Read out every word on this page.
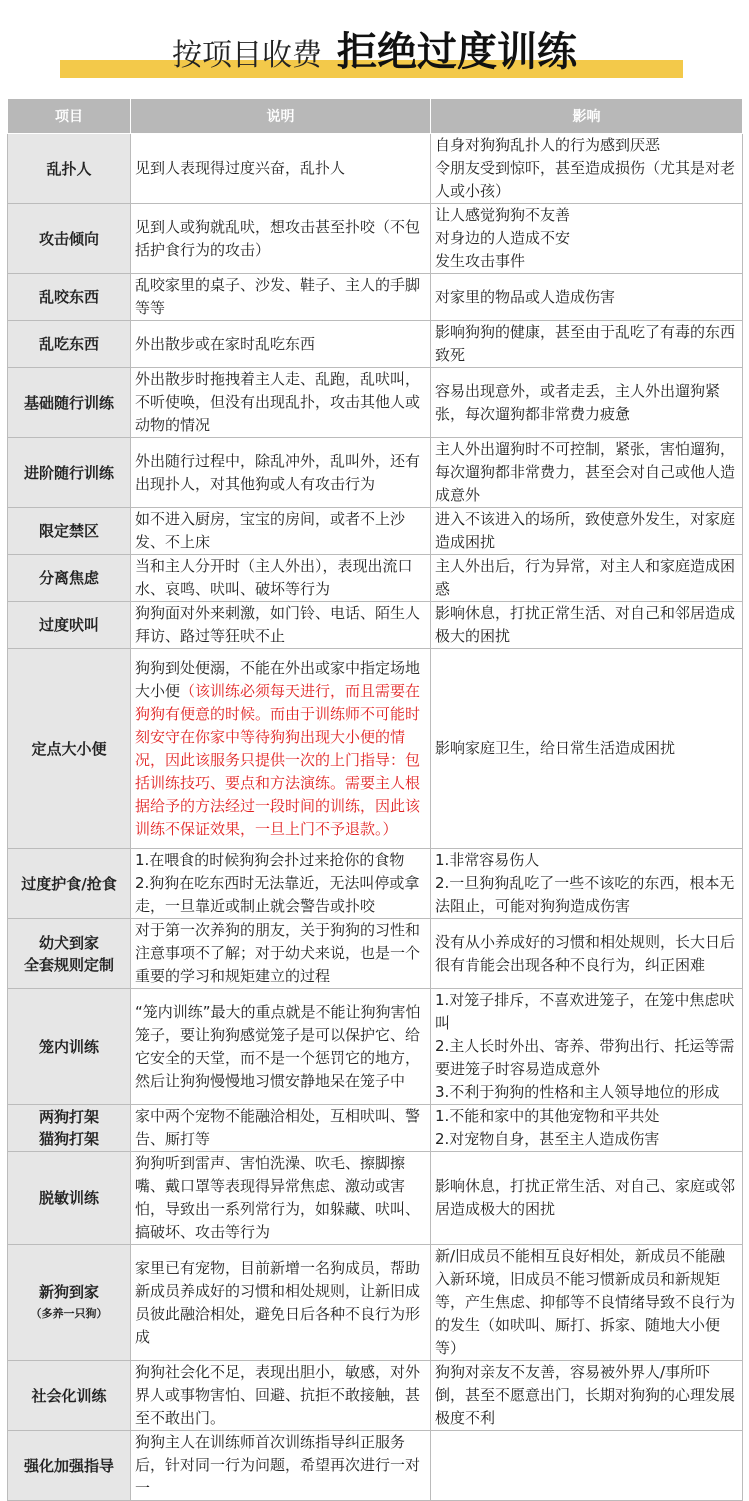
按项目收费 拒绝过度训练
项目	说明	影响

乱扑人	见到人表现得过度兴奋，乱扑人	自身对狗狗乱扑人的行为感到厌恶
令朋友受到惊吓，甚至造成损伤（尤其是对老人或小孩）

攻击倾向	见到人或狗就乱吠，想攻击甚至扑咬（不包括护食行为的攻击）	让人感觉狗狗不友善
对身边的人造成不安
发生攻击事件

乱咬东西	乱咬家里的桌子、沙发、鞋子、主人的手脚等等	对家里的物品或人造成伤害

乱吃东西	外出散步或在家时乱吃东西	影响狗狗的健康，甚至由于乱吃了有毒的东西致死

基础随行训练	外出散步时拖拽着主人走、乱跑，乱吠叫，不听使唤，但没有出现乱扑，攻击其他人或动物的情况	容易出现意外，或者走丢，主人外出遛狗紧张，每次遛狗都非常费力疲惫

进阶随行训练	外出随行过程中，除乱冲外，乱叫外，还有出现扑人，对其他狗或人有攻击行为	主人外出遛狗时不可控制，紧张，害怕遛狗，每次遛狗都非常费力，甚至会对自己或他人造成意外

限定禁区	如不进入厨房，宝宝的房间，或者不上沙发、不上床	进入不该进入的场所，致使意外发生，对家庭造成困扰

分离焦虑	当和主人分开时（主人外出），表现出流口水、哀鸣、吠叫、破坏等行为	主人外出后，行为异常，对主人和家庭造成困惑

过度吠叫	狗狗面对外来刺激，如门铃、电话、陌生人拜访、路过等狂吠不止	影响休息，打扰正常生活、对自己和邻居造成极大的困扰

定点大小便	狗狗到处便溺，不能在外出或家中指定场地大小便（该训练必须每天进行，而且需要在狗狗有便意的时候。而由于训练师不可能时刻安守在你家中等待狗狗出现大小便的情况，因此该服务只提供一次的上门指导：包括训练技巧、要点和方法演练。需要主人根据给予的方法经过一段时间的训练，因此该训练不保证效果，一旦上门不予退款。）	影响家庭卫生，给日常生活造成困扰

过度护食/抢食	1.在喂食的时候狗狗会扑过来抢你的食物
2.狗狗在吃东西时无法靠近，无法叫停或拿走，一旦靠近或制止就会警告或扑咬	1.非常容易伤人
2.一旦狗狗乱吃了一些不该吃的东西，根本无法阻止，可能对狗狗造成伤害

幼犬到家
全套规则定制	对于第一次养狗的朋友，关于狗狗的习性和注意事项不了解；对于幼犬来说，也是一个重要的学习和规矩建立的过程	没有从小养成好的习惯和相处规则，长大日后很有肯能会出现各种不良行为，纠正困难

笼内训练	“笼内训练”最大的重点就是不能让狗狗害怕笼子，要让狗狗感觉笼子是可以保护它、给它安全的天堂，而不是一个惩罚它的地方，然后让狗狗慢慢地习惯安静地呆在笼子中	1.对笼子排斥，不喜欢进笼子，在笼中焦虑吠叫
2.主人长时外出、寄养、带狗出行、托运等需要进笼子时容易造成意外
3.不利于狗狗的性格和主人领导地位的形成

两狗打架
猫狗打架	家中两个宠物不能融洽相处，互相吠叫、警告、厮打等	1.不能和家中的其他宠物和平共处
2.对宠物自身，甚至主人造成伤害

脱敏训练	狗狗听到雷声、害怕洗澡、吹毛、擦脚擦嘴、戴口罩等表现得异常焦虑、激动或害怕，导致出一系列常行为，如躲藏、吠叫、搞破坏、攻击等行为	影响休息，打扰正常生活、对自己、家庭或邻居造成极大的困扰

新狗到家
（多养一只狗）	家里已有宠物，目前新增一名狗成员，帮助新成员养成好的习惯和相处规则，让新旧成员彼此融洽相处，避免日后各种不良行为形成	新/旧成员不能相互良好相处，新成员不能融入新环境，旧成员不能习惯新成员和新规矩等，产生焦虑、抑郁等不良情绪导致不良行为的发生（如吠叫、厮打、拆家、随地大小便等）

社会化训练	狗狗社会化不足，表现出胆小，敏感，对外界人或事物害怕、回避、抗拒不敢接触，甚至不敢出门。	狗狗对亲友不友善，容易被外界人/事所吓倒，甚至不愿意出门，长期对狗狗的心理发展极度不利

强化加强指导	狗狗主人在训练师首次训练指导纠正服务后，针对同一行为问题，希望再次进行一对一	
